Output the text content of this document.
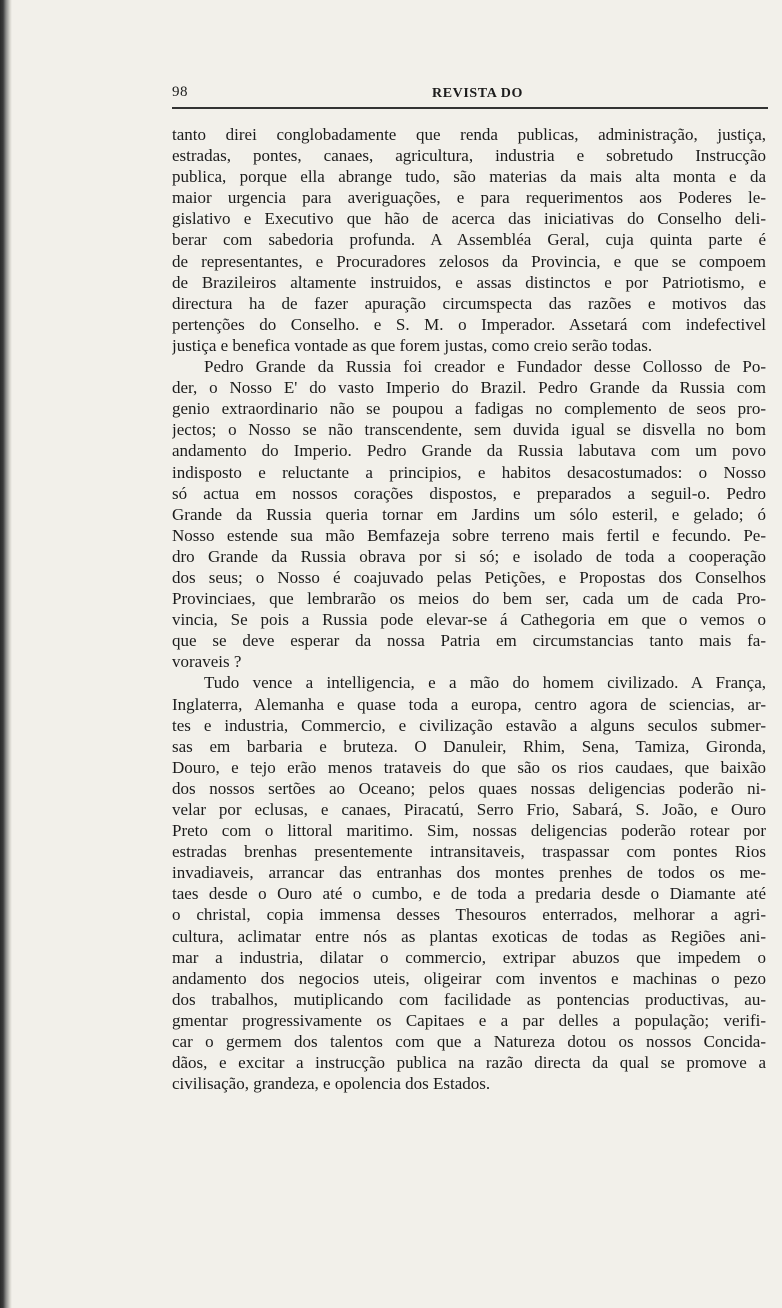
98	REVISTA DO
tanto direi conglobadamente que renda publicas, administração, justiça,
estradas, pontes, canaes, agricultura, industria e sobretudo Instrucção
publica, porque ella abrange tudo, são materias da mais alta monta e da
maior urgencia para averiguações, e para requerimentos aos Poderes le-
gislativo e Executivo que hão de acerca das iniciativas do Conselho deli-
berar com sabedoria profunda. A Assembléa Geral, cuja quinta parte é
de representantes, e Procuradores zelosos da Provincia, e que se compoem
de Brazileiros altamente instruidos, e assas distinctos e por Patriotismo, e
directura ha de fazer apuração circumspecta das razões e motivos das
pertenções do Conselho. e S. M. o Imperador. Assetará com indefectivel
justiça e benefica vontade as que forem justas, como creio serão todas.
Pedro Grande da Russia foi creador e Fundador desse Collosso de Po-
der, o Nosso E' do vasto Imperio do Brazil. Pedro Grande da Russia com
genio extraordinario não se poupou a fadigas no complemento de seos pro-
jectos; o Nosso se não transcendente, sem duvida igual se disvella no bom
andamento do Imperio. Pedro Grande da Russia labutava com um povo
indisposto e reluctante a principios, e habitos desacostumados: o Nosso
só actua em nossos corações dispostos, e preparados a seguil-o. Pedro
Grande da Russia queria tornar em Jardins um sólo esteril, e gelado; ó
Nosso estende sua mão Bemfazeja sobre terreno mais fertil e fecundo. Pe-
dro Grande da Russia obrava por si só; e isolado de toda a cooperação
dos seus; o Nosso é coajuvado pelas Petições, e Propostas dos Conselhos
Provinciaes, que lembrarão os meios do bem ser, cada um de cada Pro-
vincia, Se pois a Russia pode elevar-se á Cathegoria em que o vemos o
que se deve esperar da nossa Patria em circumstancias tanto mais fa-
voraveis ?
Tudo vence a intelligencia, e a mão do homem civilizado. A França,
Inglaterra, Alemanha e quase toda a europa, centro agora de sciencias, ar-
tes e industria, Commercio, e civilização estavão a alguns seculos submer-
sas em barbaria e bruteza. O Danuleir, Rhim, Sena, Tamiza, Gironda,
Douro, e tejo erão menos trataveis do que são os rios caudaes, que baixão
dos nossos sertões ao Oceano; pelos quaes nossas deligencias poderão ni-
velar por eclusas, e canaes, Piracatú, Serro Frio, Sabará, S. João, e Ouro
Preto com o littoral maritimo. Sim, nossas deligencias poderão rotear por
estradas brenhas presentemente intransitaveis, traspassar com pontes Rios
invadiaveis, arrancar das entranhas dos montes prenhes de todos os me-
taes desde o Ouro até o cumbo, e de toda a predaria desde o Diamante até
o christal, copia immensa desses Thesouros enterrados, melhorar a agri-
cultura, aclimatar entre nós as plantas exoticas de todas as Regiões ani-
mar a industria, dilatar o commercio, extripar abuzos que impedem o
andamento dos negocios uteis, oligeirar com inventos e machinas o pezo
dos trabalhos, mutiplicando com facilidade as pontencias productivas, au-
gmentar progressivamente os Capitaes e a par delles a população; verifi-
car o germem dos talentos com que a Natureza dotou os nossos Concida-
dãos, e excitar a instrucção publica na razão directa da qual se promove a
civilisação, grandeza, e opolencia dos Estados.
